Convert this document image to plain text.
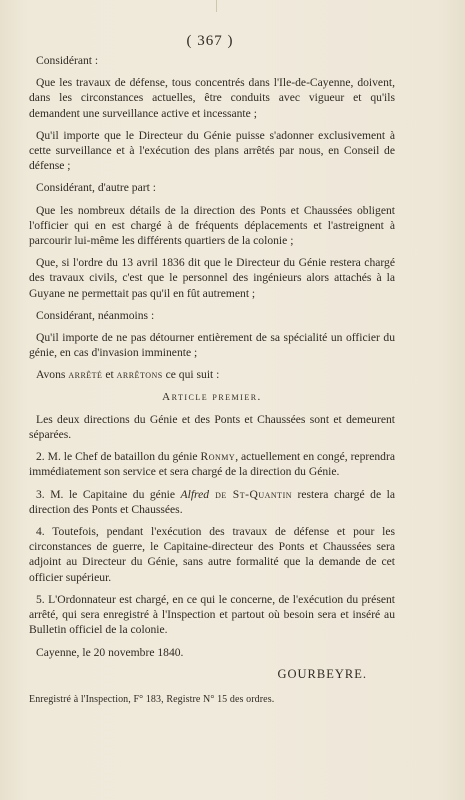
( 367 )

Considérant :

Que les travaux de défense, tous concentrés dans l'Ile-de-Cayenne, doivent, dans les circonstances actuelles, être conduits avec vigueur et qu'ils demandent une surveillance active et incessante ;

Qu'il importe que le Directeur du Génie puisse s'adonner exclusivement à cette surveillance et à l'exécution des plans arrêtés par nous, en Conseil de défense ;

Considérant, d'autre part :

Que les nombreux détails de la direction des Ponts et Chaussées obligent l'officier qui en est chargé à de fréquents déplacements et l'astreignent à parcourir lui-même les différents quartiers de la colonie ;

Que, si l'ordre du 13 avril 1836 dit que le Directeur du Génie restera chargé des travaux civils, c'est que le personnel des ingénieurs alors attachés à la Guyane ne permettait pas qu'il en fût autrement ;

Considérant, néanmoins :

Qu'il importe de ne pas détourner entièrement de sa spécialité un officier du génie, en cas d'invasion imminente ;

Avons arrêté et arrêtons ce qui suit :

Article premier.

Les deux directions du Génie et des Ponts et Chaussées sont et demeurent séparées.

2. M. le Chef de bataillon du génie Ronmy, actuellement en congé, reprendra immédiatement son service et sera chargé de la direction du Génie.

3. M. le Capitaine du génie Alfred de St-Quantin restera chargé de la direction des Ponts et Chaussées.

4. Toutefois, pendant l'exécution des travaux de défense et pour les circonstances de guerre, le Capitaine-directeur des Ponts et Chaussées sera adjoint au Directeur du Génie, sans autre formalité que la demande de cet officier supérieur.

5. L'Ordonnateur est chargé, en ce qui le concerne, de l'exécution du présent arrêté, qui sera enregistré à l'Inspection et partout où besoin sera et inséré au Bulletin officiel de la colonie.

Cayenne, le 20 novembre 1840.

GOURBEYRE.
Enregistré à l'Inspection, F° 183, Registre N° 15 des ordres.
